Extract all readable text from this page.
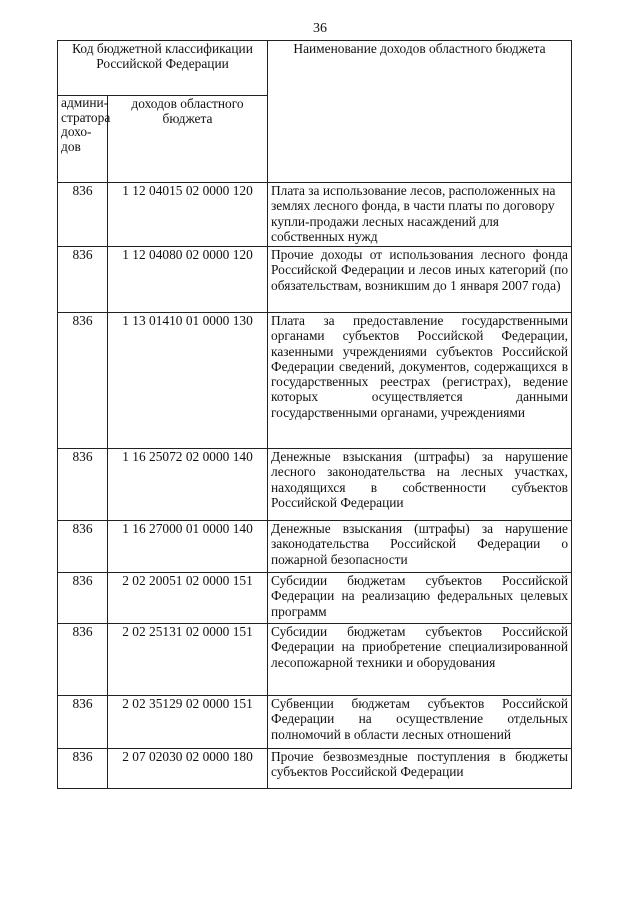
36
Код бюджетной классификации Российской Федерации		Наименование доходов областного бюджета

админи-стратора дохо-дов	доходов областного бюджета	
836	1 12 04015 02 0000 120	Плата за использование лесов, расположенных на землях лесного фонда, в части платы по договору купли-продажи лесных насаждений для собственных нужд
836	1 12 04080 02 0000 120	Прочие доходы от использования лесного фонда Российской Федерации и лесов иных категорий (по обязательствам, возникшим до 1 января 2007 года)
836	1 13 01410 01 0000 130	Плата за предоставление государственными органами субъектов Российской Федерации, казенными учреждениями субъектов Российской Федерации сведений, документов, содержащихся в государственных реестрах (регистрах), ведение которых осуществляется данными государственными органами, учреждениями
836	1 16 25072 02 0000 140	Денежные взыскания (штрафы) за нарушение лесного законодательства на лесных участках, находящихся в собственности субъектов Российской Федерации
836	1 16 27000 01 0000 140	Денежные взыскания (штрафы) за нарушение законодательства Российской Федерации о пожарной безопасности
836	2 02 20051 02 0000 151	Субсидии бюджетам субъектов Российской Федерации на реализацию федеральных целевых программ
836	2 02 25131 02 0000 151	Субсидии бюджетам субъектов Российской Федерации на приобретение специализированной лесопожарной техники и оборудования
836	2 02 35129 02 0000 151	Субвенции бюджетам субъектов Российской Федерации на осуществление отдельных полномочий в области лесных отношений
836	2 07 02030 02 0000 180	Прочие безвозмездные поступления в бюджеты субъектов Российской Федерации
